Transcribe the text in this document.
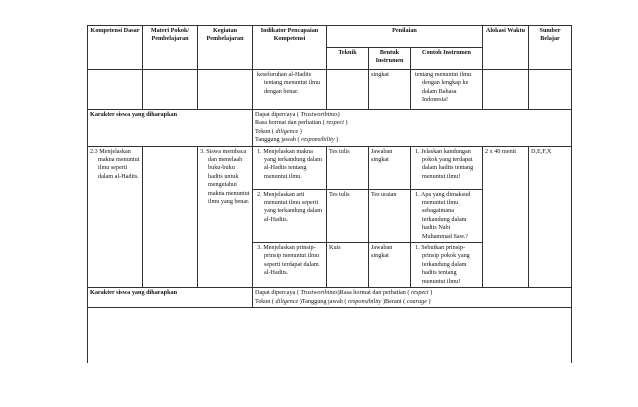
Kompetensi Dasar	Materi Pokok/ Pembelajaran	Kegiatan Pembelajaran	Indikator Pencapaian Kompetensi	Penilaian			Alokasi Waktu	Sumber Belajar
				Teknik	Bentuk Instrumen	Contoh Instrumen		

			keseluruhan al-Hadits tentang menuntut ilmu dengan benar.		singkat	tentang menuntut ilmu dengan lengkap ke dalam Bahasa Indonesia!		

Karakter siswa yang diharapkan			Dapat dipercaya ( Trustworthines)
Rasa hormat dan perhatian ( respect )
Tekun ( diligence )
Tanggung jawab ( responsibility )					

2.3 Menjelaskan makna menuntut ilmu seperti dalam al-Hadits.		3. Siswa membaca dan menelaah buku-buku hadits untuk mengetahui makna menuntut ilmu yang benar.	1. Menjelaskan makna yang terkandung dalam al-Hadits tentang menuntut ilmu.	Tes tulis	Jawaban singkat	1. Jelaskan kandungan pokok yang terdapat dalam hadits tentang menuntut ilmu!	2 x 40 menit	D,E,F,X

			2. Menjelaskan arti menuntut ilmu seperti yang terkandung dalam al-Hadits.	Tes tulis	Tes uraian	1. Apa yang dimaksud menuntut ilmu sebagaimana terkandung dalam hadits Nabi Muhammad Saw.?		

			3. Menjelaskan prinsip-prinsip menuntut ilmu seperti terdapat dalam al-Hadits.	Kuis	Jawaban singkat	1. Sebutkan prinsip-prinsip pokok yang terkandung dalam hadits tentang menuntut ilmu!		

Karakter siswa yang diharapkan			Dapat dipercaya ( Trustworthines)Rasa hormat dan perhatian ( respect )
Tekun ( diligence )Tanggung jawab ( responsibility )Berani ( courage )					
